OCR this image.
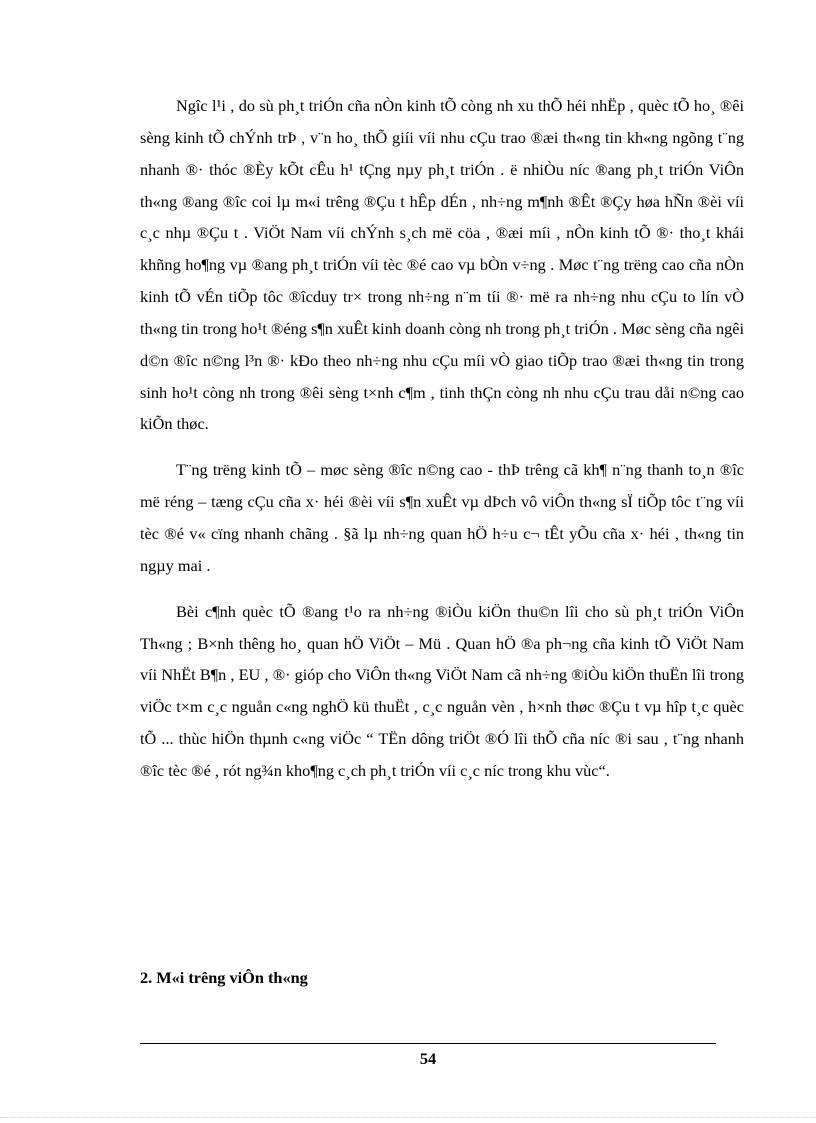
Ngîc l¹i , do sù ph¸t triÓn cña nÒn kinh tÕ còng nh xu thÕ héi nhËp , quèc tÕ ho¸ ®êi sèng kinh tÕ chÝnh trÞ , v¨n ho¸ thÕ giíi víi nhu cÇu trao ®æi th«ng tin kh«ng ngõng t¨ng nhanh ®· thóc ®Èy kÕt cÊu h¹ tÇng nµy ph¸t triÓn . ë nhiÒu níc ®ang ph¸t triÓn ViÔn th«ng ®ang ®îc coi lµ m«i trêng ®Çu t hÊp dÉn , nh÷ng m¶nh ®Êt ®Çy høa hÑn ®èi víi c¸c nhµ ®Çu t . ViÖt Nam víi chÝnh s¸ch më cöa , ®æi míi , nÒn kinh tÕ ®· tho¸t khái khñng ho¶ng vµ ®ang ph¸t triÓn víi tèc ®é cao vµ bÒn v÷ng . Møc t¨ng trëng cao cña nÒn kinh tÕ vÉn tiÕp tôc ®îcduy tr× trong nh÷ng n¨m tíi ®· më ra nh÷ng nhu cÇu to lín vÒ th«ng tin trong ho¹t ®éng s¶n xuÊt kinh doanh còng nh trong ph¸t triÓn . Møc sèng cña ngêi d©n ®îc n©ng l³n ®· kÐo theo nh÷ng nhu cÇu míi vÒ giao tiÕp trao ®æi th«ng tin trong sinh ho¹t còng nh trong ®êi sèng t×nh c¶m , tinh thÇn còng nh nhu cÇu trau dåi n©ng cao kiÕn thøc.

T¨ng trëng kinh tÕ – møc sèng ®îc n©ng cao - thÞ trêng cã kh¶ n¨ng thanh to¸n ®îc më réng – tæng cÇu cña x· héi ®èi víi s¶n xuÊt vµ dÞch vô viÔn th«ng sÏ tiÕp tôc t¨ng víi tèc ®é v« cïng nhanh chãng . §ã lµ nh÷ng quan hÖ h÷u c¬ tÊt yÕu cña x· héi , th«ng tin ngµy mai .

Bèi c¶nh quèc tÕ ®ang t¹o ra nh÷ng ®iÒu kiÖn thu©n lîi cho sù ph¸t triÓn ViÔn Th«ng ; B×nh thêng ho¸ quan hÖ ViÖt – Mü . Quan hÖ ®a ph¬ng cña kinh tÕ ViÖt Nam víi NhËt B¶n , EU , ®· gióp cho ViÔn th«ng ViÖt Nam cã nh÷ng ®iÒu kiÖn thuËn lîi trong viÖc t×m c¸c nguån c«ng nghÖ kü thuËt , c¸c nguån vèn , h×nh thøc ®Çu t vµ hîp t¸c quèc tÕ ... thùc hiÖn thµnh c«ng viÖc “ TËn dông triÖt ®Ó lîi thÕ cña níc ®i sau , t¨ng nhanh ®îc tèc ®é , rót ng¾n kho¶ng c¸ch ph¸t triÓn víi c¸c níc trong khu vùc“.

2. M«i trêng viÔn th«ng
54
